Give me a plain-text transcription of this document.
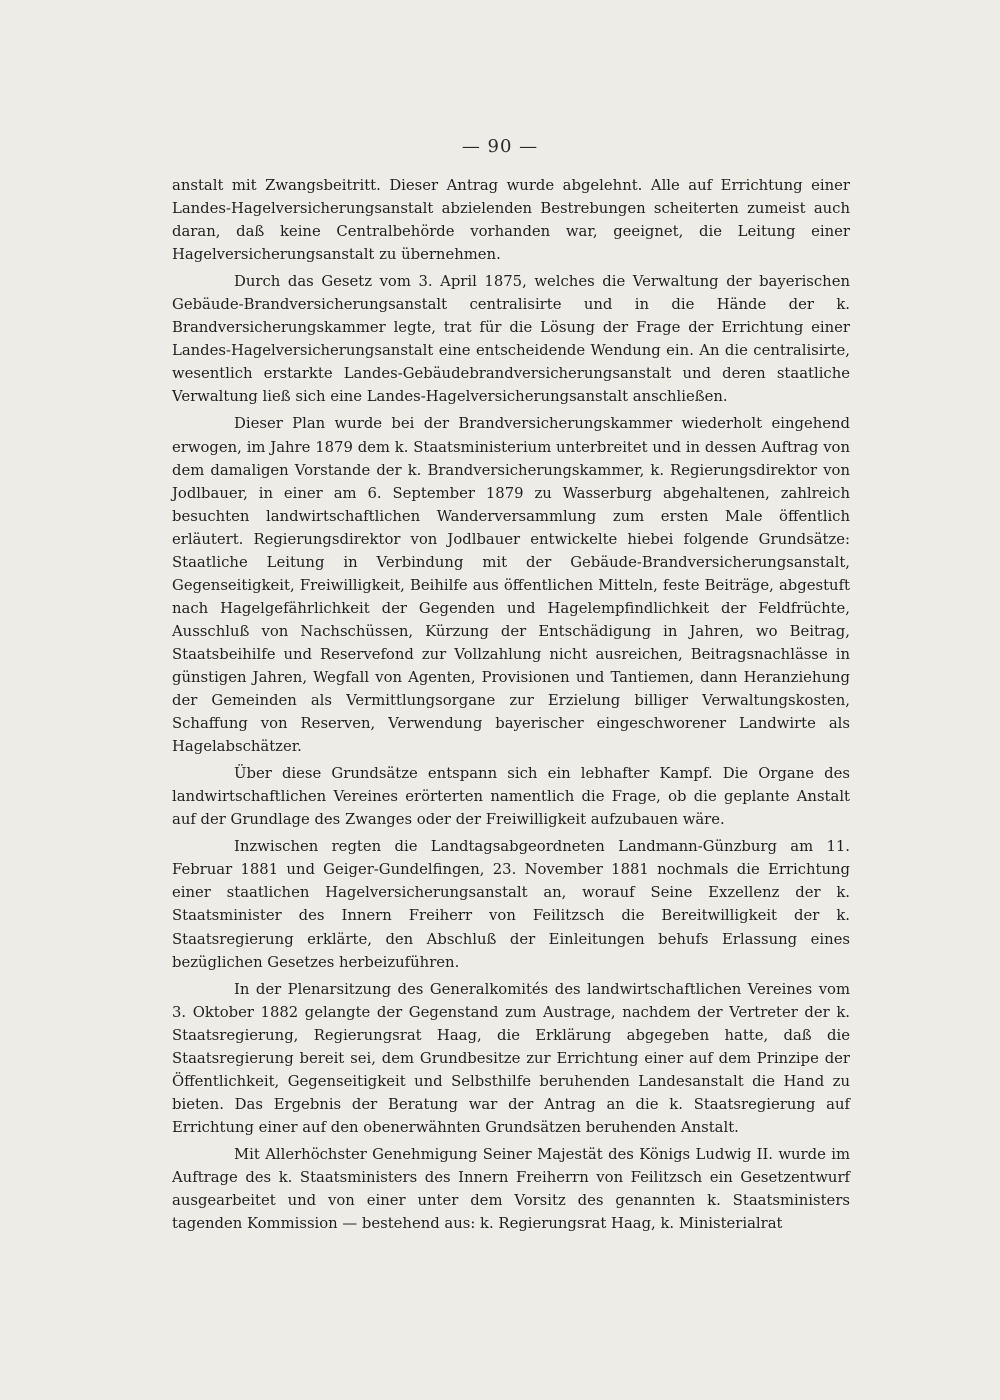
— 90 —

anstalt mit Zwangsbeitritt. Dieser Antrag wurde abgelehnt. Alle auf Errichtung einer Landes-Hagelversicherungsanstalt abzielenden Bestrebungen scheiterten zumeist auch daran, daß keine Centralbehörde vorhanden war, geeignet, die Leitung einer Hagelversicherungsanstalt zu übernehmen.

Durch das Gesetz vom 3. April 1875, welches die Verwaltung der bayerischen Gebäude-Brandversicherungsanstalt centralisirte und in die Hände der k. Brandversicherungskammer legte, trat für die Lösung der Frage der Errichtung einer Landes-Hagelversicherungsanstalt eine entscheidende Wendung ein. An die centralisirte, wesentlich erstarkte Landes-Gebäudebrandversicherungsanstalt und deren staatliche Verwaltung ließ sich eine Landes-Hagelversicherungsanstalt anschließen.

Dieser Plan wurde bei der Brandversicherungskammer wiederholt eingehend erwogen, im Jahre 1879 dem k. Staatsministerium unterbreitet und in dessen Auftrag von dem damaligen Vorstande der k. Brandversicherungskammer, k. Regierungsdirektor von Jodlbauer, in einer am 6. September 1879 zu Wasserburg abgehaltenen, zahlreich besuchten landwirtschaftlichen Wanderversammlung zum ersten Male öffentlich erläutert. Regierungsdirektor von Jodlbauer entwickelte hiebei folgende Grundsätze: Staatliche Leitung in Verbindung mit der Gebäude-Brandversicherungsanstalt, Gegenseitigkeit, Freiwilligkeit, Beihilfe aus öffentlichen Mitteln, feste Beiträge, abgestuft nach Hagelgefährlichkeit der Gegenden und Hagelempfindlichkeit der Feldfrüchte, Ausschluß von Nachschüssen, Kürzung der Entschädigung in Jahren, wo Beitrag, Staatsbeihilfe und Reservefond zur Vollzahlung nicht ausreichen, Beitragsnachlässe in günstigen Jahren, Wegfall von Agenten, Provisionen und Tantiemen, dann Heranziehung der Gemeinden als Vermittlungsorgane zur Erzielung billiger Verwaltungskosten, Schaffung von Reserven, Verwendung bayerischer eingeschworener Landwirte als Hagelabschätzer.

Über diese Grundsätze entspann sich ein lebhafter Kampf. Die Organe des landwirtschaftlichen Vereines erörterten namentlich die Frage, ob die geplante Anstalt auf der Grundlage des Zwanges oder der Freiwilligkeit aufzubauen wäre.

Inzwischen regten die Landtagsabgeordneten Landmann-Günzburg am 11. Februar 1881 und Geiger-Gundelfingen, 23. November 1881 nochmals die Errichtung einer staatlichen Hagelversicherungsanstalt an, worauf Seine Exzellenz der k. Staatsminister des Innern Freiherr von Feilitzsch die Bereitwilligkeit der k. Staatsregierung erklärte, den Abschluß der Einleitungen behufs Erlassung eines bezüglichen Gesetzes herbeizuführen.

In der Plenarsitzung des Generalkomités des landwirtschaftlichen Vereines vom 3. Oktober 1882 gelangte der Gegenstand zum Austrage, nachdem der Vertreter der k. Staatsregierung, Regierungsrat Haag, die Erklärung abgegeben hatte, daß die Staatsregierung bereit sei, dem Grundbesitze zur Errichtung einer auf dem Prinzipe der Öffentlichkeit, Gegenseitigkeit und Selbsthilfe beruhenden Landesanstalt die Hand zu bieten. Das Ergebnis der Beratung war der Antrag an die k. Staatsregierung auf Errichtung einer auf den obenerwähnten Grundsätzen beruhenden Anstalt.

Mit Allerhöchster Genehmigung Seiner Majestät des Königs Ludwig II. wurde im Auftrage des k. Staatsministers des Innern Freiherrn von Feilitzsch ein Gesetzentwurf ausgearbeitet und von einer unter dem Vorsitz des genannten k. Staatsministers tagenden Kommission — bestehend aus: k. Regierungsrat Haag, k. Ministerialrat
